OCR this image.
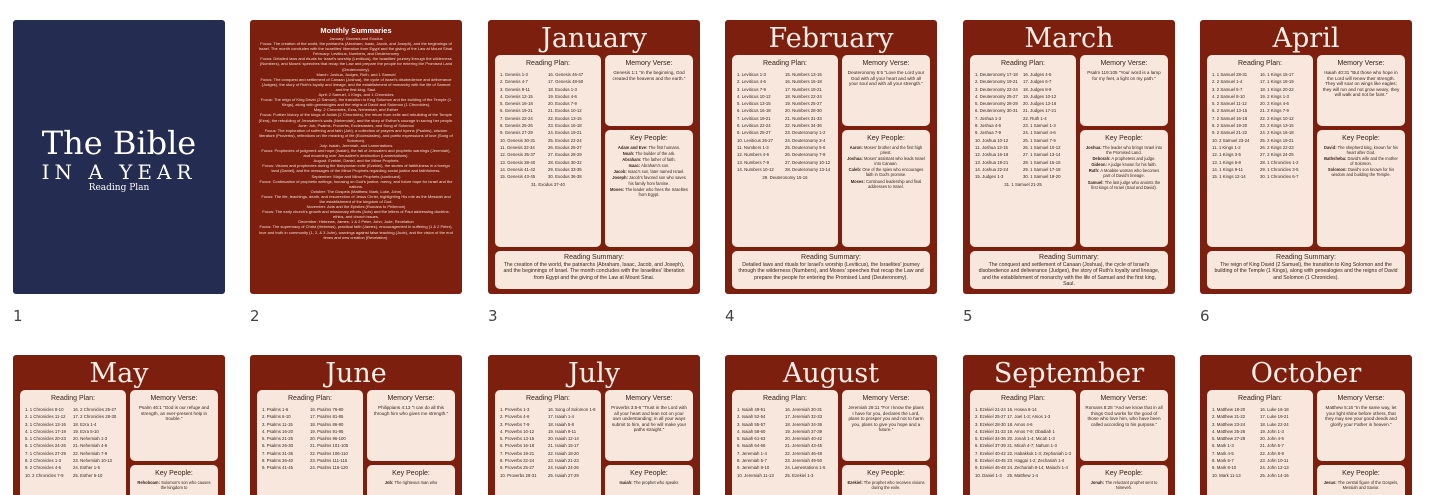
The Bible
IN A YEAR
Reading Plan
1
Monthly Summaries

January: Genesis and Exodus

Focus: The creation of the world, the patriarchs (Abraham, Isaac, Jacob, and Joseph), and the beginnings of Israel. The month concludes with the Israelites' liberation from Egypt and the giving of the Law at Mount Sinai.

February: Leviticus, Numbers, and Deuteronomy

Focus: Detailed laws and rituals for Israel's worship (Leviticus), the Israelites' journey through the wilderness (Numbers), and Moses' speeches that recap the Law and prepare the people for entering the Promised Land (Deuteronomy).

March: Joshua, Judges, Ruth, and 1 Samuel

Focus: The conquest and settlement of Canaan (Joshua), the cycle of Israel's disobedience and deliverance (Judges), the story of Ruth's loyalty and lineage, and the establishment of monarchy with the life of Samuel and the first king, Saul.

April: 2 Samuel, 1 Kings, and 1 Chronicles

Focus: The reign of King David (2 Samuel), the transition to King Solomon and the building of the Temple (1 Kings), along with genealogies and the reigns of David and Solomon (1 Chronicles).

May: 2 Chronicles, Ezra, Nehemiah, and Esther

Focus: Further history of the kings of Judah (2 Chronicles), the return from exile and rebuilding of the Temple (Ezra), the rebuilding of Jerusalem's walls (Nehemiah), and the story of Esther's courage in saving her people.

June: Job, Psalms, Proverbs, Ecclesiastes, and Song of Solomon

Focus: The exploration of suffering and faith (Job), a collection of prayers and hymns (Psalms), wisdom literature (Proverbs), reflections on the meaning of life (Ecclesiastes), and poetic expressions of love (Song of Solomon).

July: Isaiah, Jeremiah, and Lamentations

Focus: Prophecies of judgment and hope (Isaiah), the fall of Jerusalem and prophetic warnings (Jeremiah), and mourning over Jerusalem's destruction (Lamentations).

August: Ezekiel, Daniel, and the Minor Prophets

Focus: Visions and prophecies during the Babylonian exile (Ezekiel), the stories of faithfulness in a foreign land (Daniel), and the messages of the Minor Prophets regarding social justice and faithfulness.

September: Major and Minor Prophets (continued)

Focus: Continuation of prophetic writings, focusing on God's justice, mercy, and future hope for Israel and the nations.

October: The Gospels (Matthew, Mark, Luke, John)

Focus: The life, teachings, death, and resurrection of Jesus Christ, highlighting His role as the Messiah and the establishment of the kingdom of God.

November: Acts and the Epistles (Romans to Philemon)

Focus: The early church's growth and missionary efforts (Acts) and the letters of Paul addressing doctrine, ethics, and church issues.

December: Hebrews, James, 1 & 2 Peter, John, Jude, Revelation

Focus: The supremacy of Christ (Hebrews), practical faith (James), encouragement in suffering (1 & 2 Peter), love and truth in community (1, 2, & 3 John), warnings against false teaching (Jude), and the vision of the end times and new creation (Revelation).

2
January
Reading Plan:
1. Genesis 1-3
2. Genesis 4-7
3. Genesis 8-11
4. Genesis 12-15
5. Genesis 16-18
6. Genesis 19-21
7. Genesis 22-24
8. Genesis 25-26
9. Genesis 27-29
10. Genesis 30-31
11. Genesis 32-34
12. Genesis 35-37
13. Genesis 38-40
14. Genesis 41-42
15. Genesis 43-45
16. Genesis 46-47
17. Genesis 48-50
18. Exodus 1-3
19. Exodus 4-6
20. Exodus 7-9
21. Exodus 10-12
22. Exodus 13-15
23. Exodus 16-18
24. Exodus 19-21
25. Exodus 22-24
26. Exodus 25-27
27. Exodus 28-29
28. Exodus 30-32
29. Exodus 33-35
30. Exodus 36-38
31. Exodus 37-40
Memory Verse:
Genesis 1:1 "In the beginning, God created the heavens and the earth."
Key People:
Adam and Eve: The first humans.
Noah: The builder of the ark.
Abraham: The father of faith.
Isaac: Abraham's son.
Jacob: Isaac's son, later named Israel.
Joseph: Jacob's favored son who saves his family from famine.
Moses: The leader who frees the Israelites from Egypt.
Reading Summary:
The creation of the world, the patriarchs (Abraham, Isaac, Jacob, and Joseph), and the beginnings of Israel. The month concludes with the Israelites' liberation from Egypt and the giving of the Law at Mount Sinai.
3
February
Reading Plan:
1. Leviticus 1-3
2. Leviticus 4-6
3. Leviticus 7-9
4. Leviticus 10-12
5. Leviticus 13-15
6. Leviticus 16-18
7. Leviticus 19-21
8. Leviticus 22-24
9. Leviticus 25-27
10. Leviticus 26-27
11. Numbers 1-3
12. Numbers 4-6
13. Numbers 7-9
14. Numbers 10-12
15. Numbers 13-15
16. Numbers 16-18
17. Numbers 19-21
18. Numbers 22-24
19. Numbers 25-27
20. Numbers 28-30
21. Numbers 31-33
22. Numbers 34-36
23. Deuteronomy 1-2
24. Deuteronomy 3-4
25. Deuteronomy 5-6
26. Deuteronomy 7-9
27. Deuteronomy 10-12
28. Deuteronomy 13-14
29. Deuteronomy 15-16
Memory Verse:
Deuteronomy 6:5 "Love the Lord your God with all your heart and with all your soul and with all your strength."
Key People:
Aaron: Moses' brother and the first high priest.
Joshua: Moses' assistant who leads Israel into Canaan.
Caleb: One of the spies who encourages faith in God's promise.
Moses: Continued leadership and final addresses to Israel.
Reading Summary:
Detailed laws and rituals for Israel's worship (Leviticus), the Israelites' journey through the wilderness (Numbers), and Moses' speeches that recap the Law and prepare the people for entering the Promised Land (Deuteronomy).
4
March
Reading Plan:
1. Deuteronomy 17-18
2. Deuteronomy 19-21
3. Deuteronomy 22-24
4. Deuteronomy 25-27
5. Deuteronomy 28-29
6. Deuteronomy 30-31
7. Joshua 1-3
8. Joshua 4-6
9. Joshua 7-9
10. Joshua 10-12
11. Joshua 13-15
12. Joshua 16-18
13. Joshua 19-21
14. Joshua 22-24
15. Judges 1-3
16. Judges 4-5
17. Judges 6-7
18. Judges 8-9
19. Judges 10-12
20. Judges 13-16
21. Judges 17-21
22. Ruth 1-4
23. 1 Samuel 1-3
24. 1 Samuel 4-6
25. 1 Samuel 7-9
26. 1 Samuel 10-12
27. 1 Samuel 13-14
28. 1 Samuel 15-16
29. 1 Samuel 17-18
30. 1 Samuel 19-20
31. 1 Samuel 21-25
Memory Verse:
Psalm 119:105 "Your word is a lamp for my feet, a light on my path."
Key People:
Joshua: The leader who brings Israel into the Promised Land.
Deborah: A prophetess and judge.
Gideon: A judge known for his faith.
Ruth: A Moabite woman who becomes part of David's lineage.
Samuel: The last judge who anoints the first kings of Israel (Saul and David).
Reading Summary:
The conquest and settlement of Canaan (Joshua), the cycle of Israel's disobedience and deliverance (Judges), the story of Ruth's loyalty and lineage, and the establishment of monarchy with the life of Samuel and the first king, Saul.
5
April
Reading Plan:
1. 1 Samuel 28-31
2. 2 Samuel 1-4
3. 2 Samuel 5-7
4. 2 Samuel 8-10
5. 2 Samuel 11-12
6. 2 Samuel 13-15
7. 2 Samuel 16-18
8. 2 Samuel 19-20
9. 2 Samuel 21-22
10. 2 Samuel 23-24
11. 1 Kings 1-2
12. 1 Kings 3-5
13. 1 Kings 6-8
14. 1 Kings 9-11
15. 1 Kings 12-14
16. 1 Kings 15-17
17. 1 Kings 18-19
18. 1 Kings 20-22
19. 2 Kings 1-3
20. 2 Kings 4-6
21. 2 Kings 7-9
22. 2 Kings 10-12
23. 2 Kings 13-15
24. 2 Kings 16-18
25. 2 Kings 19-21
26. 2 Kings 22-23
27. 2 Kings 24-25
28. 1 Chronicles 1-2
29. 1 Chronicles 3-5
30. 1 Chronicles 6-7
Memory Verse:
Isaiah 40:31 "But those who hope in the Lord will renew their strength. They will soar on wings like eagles; they will run and not grow weary, they will walk and not be faint."
Key People:
David: The shepherd king, known for his heart after God.
Bathsheba: David's wife and the mother of Solomon.
Solomon: David's son known for his wisdom and building the Temple.
Reading Summary:
The reign of King David (2 Samuel), the transition to King Solomon and the building of the Temple (1 Kings), along with genealogies and the reigns of David and Solomon (1 Chronicles).
6
May
Reading Plan:
1. 1 Chronicles 8-10
2. 1 Chronicles 11-12
3. 1 Chronicles 13-16
4. 1 Chronicles 17-19
5. 1 Chronicles 20-23
6. 1 Chronicles 24-26
7. 1 Chronicles 27-29
8. 2 Chronicles 1-3
9. 2 Chronicles 4-6
10. 2 Chronicles 7-9
16. 2 Chronicles 25-27
17. 2 Chronicles 28-30
18. Ezra 1-4
19. Ezra 5-10
20. Nehemiah 1-3
21. Nehemiah 4-6
22. Nehemiah 7-9
23. Nehemiah 10-13
24. Esther 1-5
25. Esther 6-10
Memory Verse:
Psalm 46:1 "God is our refuge and strength, an ever-present help in trouble."
Key People:
Rehoboam: Solomon's son who causes the kingdom to
June
Reading Plan:
1. Psalms 1-5
2. Psalms 6-10
3. Psalms 11-15
4. Psalms 16-20
5. Psalms 21-25
6. Psalms 26-30
7. Psalms 31-35
8. Psalms 36-40
9. Psalms 41-45
16. Psalms 76-80
17. Psalms 81-85
18. Psalms 86-90
19. Psalms 91-95
20. Psalms 96-100
21. Psalms 101-105
22. Psalms 106-110
23. Psalms 111-115
24. Psalms 116-120
Memory Verse:
Philippians 4:13 "I can do all this through him who gives me strength."
Key People:
Job: The righteous man who
July
Reading Plan:
1. Proverbs 1-3
2. Proverbs 4-6
3. Proverbs 7-9
4. Proverbs 10-12
5. Proverbs 13-15
6. Proverbs 16-18
7. Proverbs 19-21
8. Proverbs 22-24
9. Proverbs 25-27
10. Proverbs 28-31
16. Song of Solomon 1-8
17. Isaiah 1-4
18. Isaiah 5-8
19. Isaiah 9-11
20. Isaiah 12-14
21. Isaiah 15-17
22. Isaiah 18-20
23. Isaiah 21-23
24. Isaiah 24-26
25. Isaiah 27-29
Memory Verse:
Proverbs 3:5-6 "Trust in the Lord with all your heart and lean not on your own understanding; in all your ways submit to him, and he will make your paths straight."
Key People:
Isaiah: The prophet who speaks
August
Reading Plan:
1. Isaiah 49-51
2. Isaiah 52-54
3. Isaiah 55-57
4. Isaiah 58-60
5. Isaiah 61-63
6. Isaiah 64-66
7. Jeremiah 1-4
8. Jeremiah 5-7
9. Jeremiah 8-10
10. Jeremiah 11-13
16. Jeremiah 30-31
17. Jeremiah 32-33
18. Jeremiah 34-36
19. Jeremiah 37-39
20. Jeremiah 40-42
21. Jeremiah 43-45
22. Jeremiah 46-48
23. Jeremiah 49-50
24. Lamentations 1-5
25. Ezekiel 1-3
Memory Verse:
Jeremiah 29:11 "For I know the plans I have for you, declares the Lord, plans to prosper you and not to harm you, plans to give you hope and a future."
Key People:
Ezekiel: The prophet who receives visions during the exile.
September
Reading Plan:
1. Ezekiel 21-24
2. Ezekiel 25-27
3. Ezekiel 28-30
4. Ezekiel 31-33
5. Ezekiel 34-36
6. Ezekiel 37-39
7. Ezekiel 40-42
8. Ezekiel 43-45
9. Ezekiel 46-48
10. Daniel 1-3
16. Hosea 8-14
17. Joel 1-3; Amos 1-3
18. Amos 4-6
19. Amos 7-9; Obadiah 1
20. Jonah 1-4; Micah 1-3
21. Micah 4-7; Nahum 1-3
22. Habakkuk 1-3; Zephaniah 1-3
23. Haggai 1-2; Zechariah 1-4
24. Zechariah 8-14; Malachi 1-4
25. Matthew 1-4
Memory Verse:
Romans 8:28 "And we know that in all things God works for the good of those who love him, who have been called according to his purpose."
Key People:
Jonah: The reluctant prophet sent to Nineveh.
October
Reading Plan:
1. Matthew 18-20
2. Matthew 21-22
3. Matthew 23-24
4. Matthew 25-26
5. Matthew 27-28
6. Mark 1-3
7. Mark 4-5
8. Mark 6-7
9. Mark 8-10
10. Mark 11-13
16. Luke 16-18
17. Luke 19-21
18. Luke 22-24
19. John 1-3
20. John 4-5
21. John 6-7
22. John 8-9
23. John 10-11
24. John 12-13
25. John 14-16
Memory Verse:
Matthew 5:16 "In the same way, let your light shine before others, that they may see your good deeds and glorify your Father in heaven."
Key People:
Jesus: The central figure of the Gospels, Messiah and Savior.
